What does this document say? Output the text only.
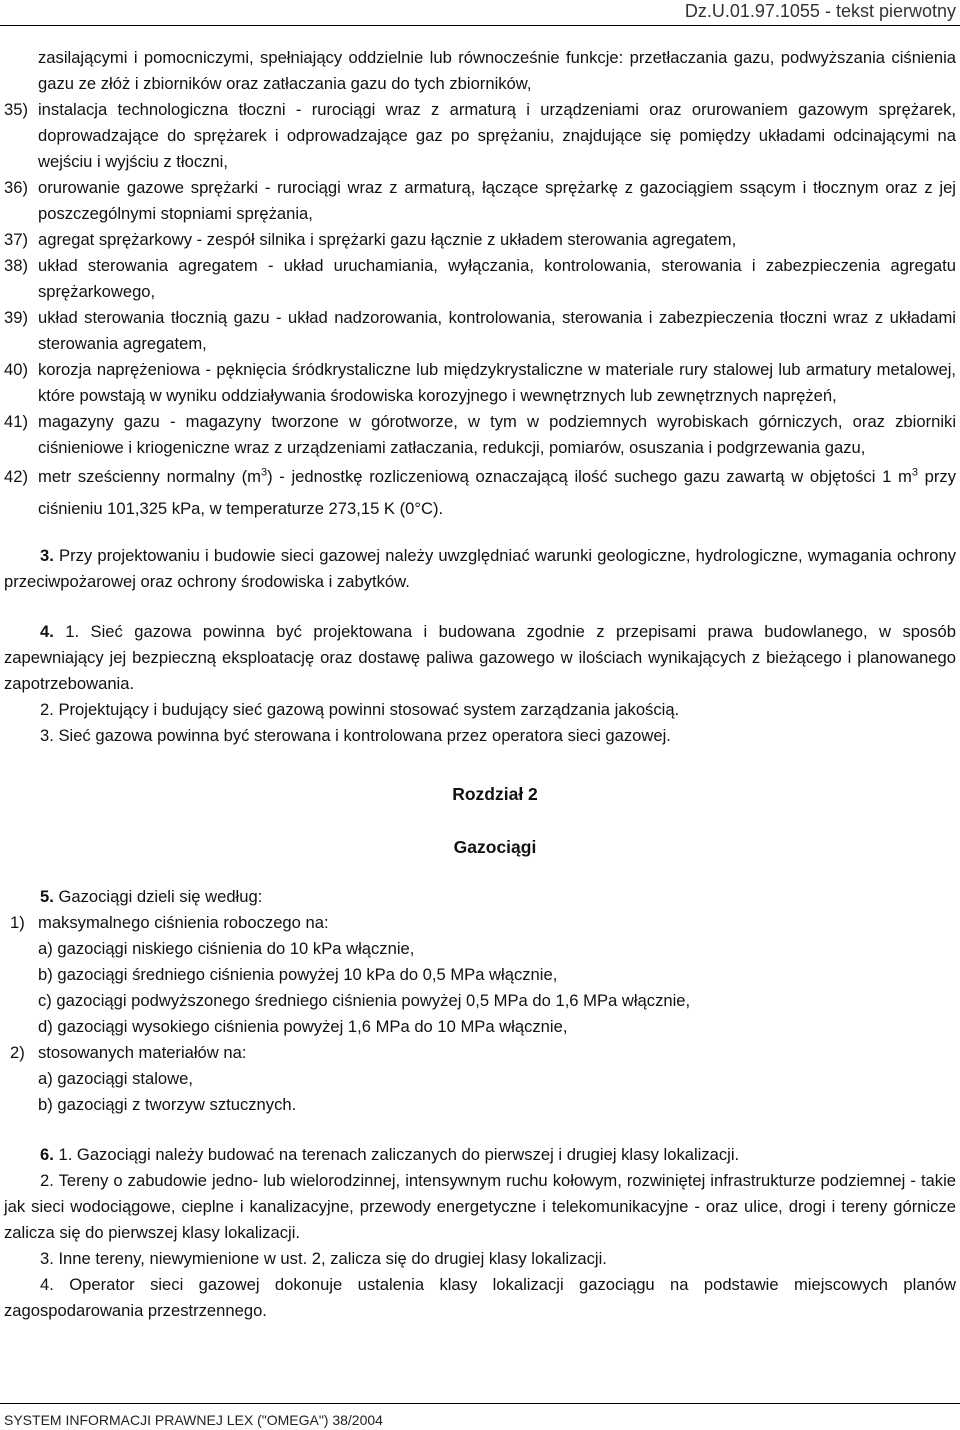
Dz.U.01.97.1055 - tekst pierwotny
zasilającymi i pomocniczymi, spełniający oddzielnie lub równocześnie funkcje: przetłaczania gazu, podwyższania ciśnienia gazu ze złóż i zbiorników oraz zatłaczania gazu do tych zbiorników,
35) instalacja technologiczna tłoczni - rurociągi wraz z armaturą i urządzeniami oraz orurowaniem gazowym sprężarek, doprowadzające do sprężarek i odprowadzające gaz po sprężaniu, znajdujące się pomiędzy układami odcinającymi na wejściu i wyjściu z tłoczni,
36) orurowanie gazowe sprężarki - rurociągi wraz z armaturą, łączące sprężarkę z gazociągiem ssącym i tłocznym oraz z jej poszczególnymi stopniami sprężania,
37) agregat sprężarkowy - zespół silnika i sprężarki gazu łącznie z układem sterowania agregatem,
38) układ sterowania agregatem - układ uruchamiania, wyłączania, kontrolowania, sterowania i zabezpieczenia agregatu sprężarkowego,
39) układ sterowania tłocznią gazu - układ nadzorowania, kontrolowania, sterowania i zabezpieczenia tłoczni wraz z układami sterowania agregatem,
40) korozja naprężeniowa - pęknięcia śródkrystaliczne lub międzykrystaliczne w materiale rury stalowej lub armatury metalowej, które powstają w wyniku oddziaływania środowiska korozyjnego i wewnętrznych lub zewnętrznych naprężeń,
41) magazyny gazu - magazyny tworzone w górotworze, w tym w podziemnych wyrobiskach górniczych, oraz zbiorniki ciśnieniowe i kriogeniczne wraz z urządzeniami zatłaczania, redukcji, pomiarów, osuszania i podgrzewania gazu,
42) metr sześcienny normalny $(m^3)$ - jednostkę rozliczeniową oznaczającą ilość suchego gazu zawartą w objętości 1 $m^3$ przy ciśnieniu 101,325 kPa, w temperaturze 273,15 K (0°C).
3. Przy projektowaniu i budowie sieci gazowej należy uwzględniać warunki geologiczne, hydrologiczne, wymagania ochrony przeciwpożarowej oraz ochrony środowiska i zabytków.
4. 1. Sieć gazowa powinna być projektowana i budowana zgodnie z przepisami prawa budowlanego, w sposób zapewniający jej bezpieczną eksploatację oraz dostawę paliwa gazowego w ilościach wynikających z bieżącego i planowanego zapotrzebowania.
2. Projektujący i budujący sieć gazową powinni stosować system zarządzania jakością.
3. Sieć gazowa powinna być sterowana i kontrolowana przez operatora sieci gazowej.
Rozdział 2
Gazociągi
5. Gazociągi dzieli się według:
1) maksymalnego ciśnienia roboczego na:
a) gazociągi niskiego ciśnienia do 10 kPa włącznie,
b) gazociągi średniego ciśnienia powyżej 10 kPa do 0,5 MPa włącznie,
c) gazociągi podwyższonego średniego ciśnienia powyżej 0,5 MPa do 1,6 MPa włącznie,
d) gazociągi wysokiego ciśnienia powyżej 1,6 MPa do 10 MPa włącznie,
2) stosowanych materiałów na:
a) gazociągi stalowe,
b) gazociągi z tworzyw sztucznych.
6. 1. Gazociągi należy budować na terenach zaliczanych do pierwszej i drugiej klasy lokalizacji.
2. Tereny o zabudowie jedno- lub wielorodzinnej, intensywnym ruchu kołowym, rozwiniętej infrastrukturze podziemnej - takie jak sieci wodociągowe, cieplne i kanalizacyjne, przewody energetyczne i telekomunikacyjne - oraz ulice, drogi i tereny górnicze zalicza się do pierwszej klasy lokalizacji.
3. Inne tereny, niewymienione w ust. 2, zalicza się do drugiej klasy lokalizacji.
4. Operator sieci gazowej dokonuje ustalenia klasy lokalizacji gazociągu na podstawie miejscowych planów zagospodarowania przestrzennego.
SYSTEM INFORMACJI PRAWNEJ LEX ("OMEGA") 38/2004
